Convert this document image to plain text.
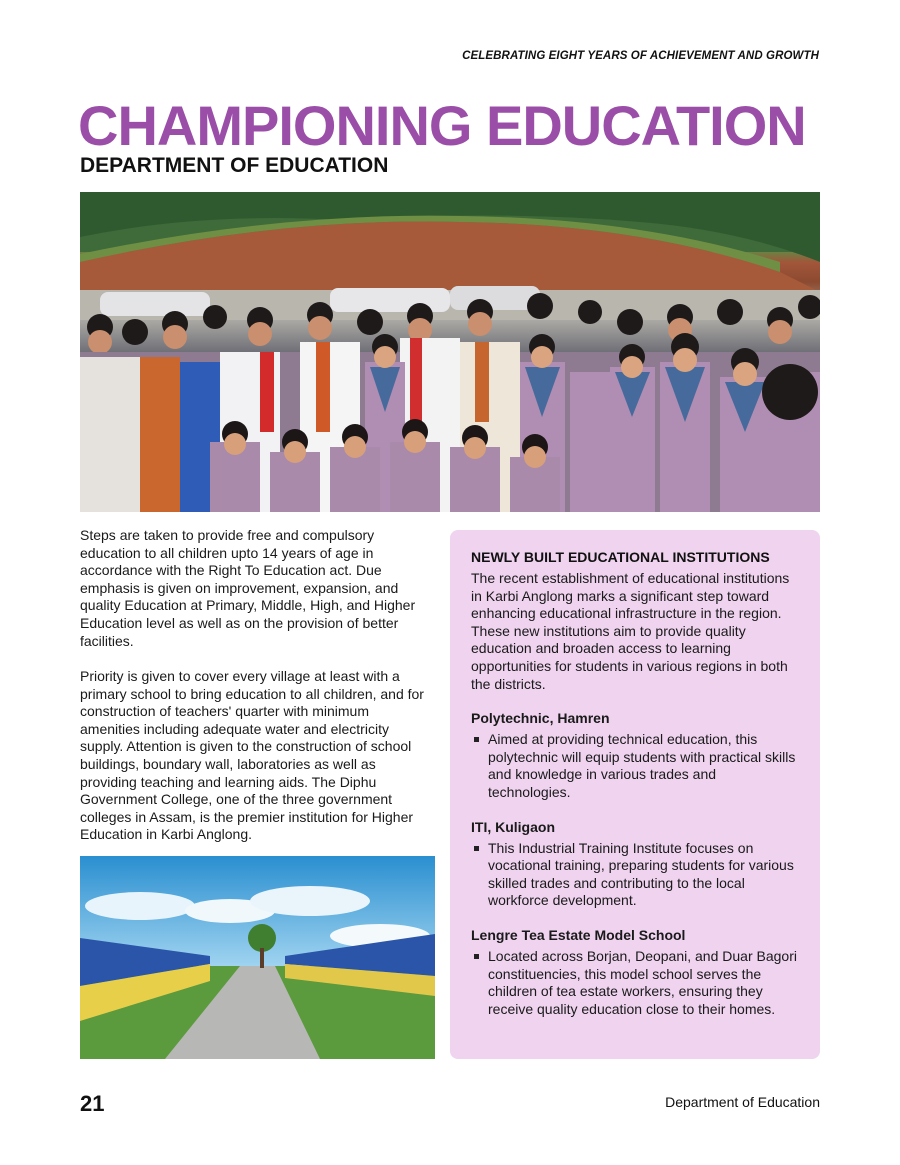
CELEBRATING EIGHT YEARS OF ACHIEVEMENT AND GROWTH
CHAMPIONING EDUCATION
DEPARTMENT OF EDUCATION
Steps are taken to provide free and compulsory education to all children upto 14 years of age in accordance with the Right To Education act. Due emphasis is given on improvement, expansion, and quality Education at Primary, Middle, High, and Higher Education level as well as on the provision of better facilities.
Priority is given to cover every village at least with a primary school to bring education to all children, and for construction of teachers' quarter with minimum amenities including adequate water and electricity supply. Attention is given to the construction of school buildings, boundary wall, laboratories as well as providing teaching and learning aids. The Diphu Government College, one of the three government colleges in Assam, is the premier institution for Higher Education in Karbi Anglong.
NEWLY BUILT EDUCATIONAL INSTITUTIONS

The recent establishment of educational institutions in Karbi Anglong marks a significant step toward enhancing educational infrastructure in the region. These new institutions aim to provide quality education and broaden access to learning opportunities for students in various regions in both the districts.

Polytechnic, Hamren
Aimed at providing technical education, this polytechnic will equip students with practical skills and knowledge in various trades and technologies.
ITI, Kuligaon
This Industrial Training Institute focuses on vocational training, preparing students for various skilled trades and contributing to the local workforce development.
Lengre Tea Estate Model School
Located across Borjan, Deopani, and Duar Bagori constituencies, this model school serves the children of tea estate workers, ensuring they receive quality education close to their homes.
21	Department of Education
